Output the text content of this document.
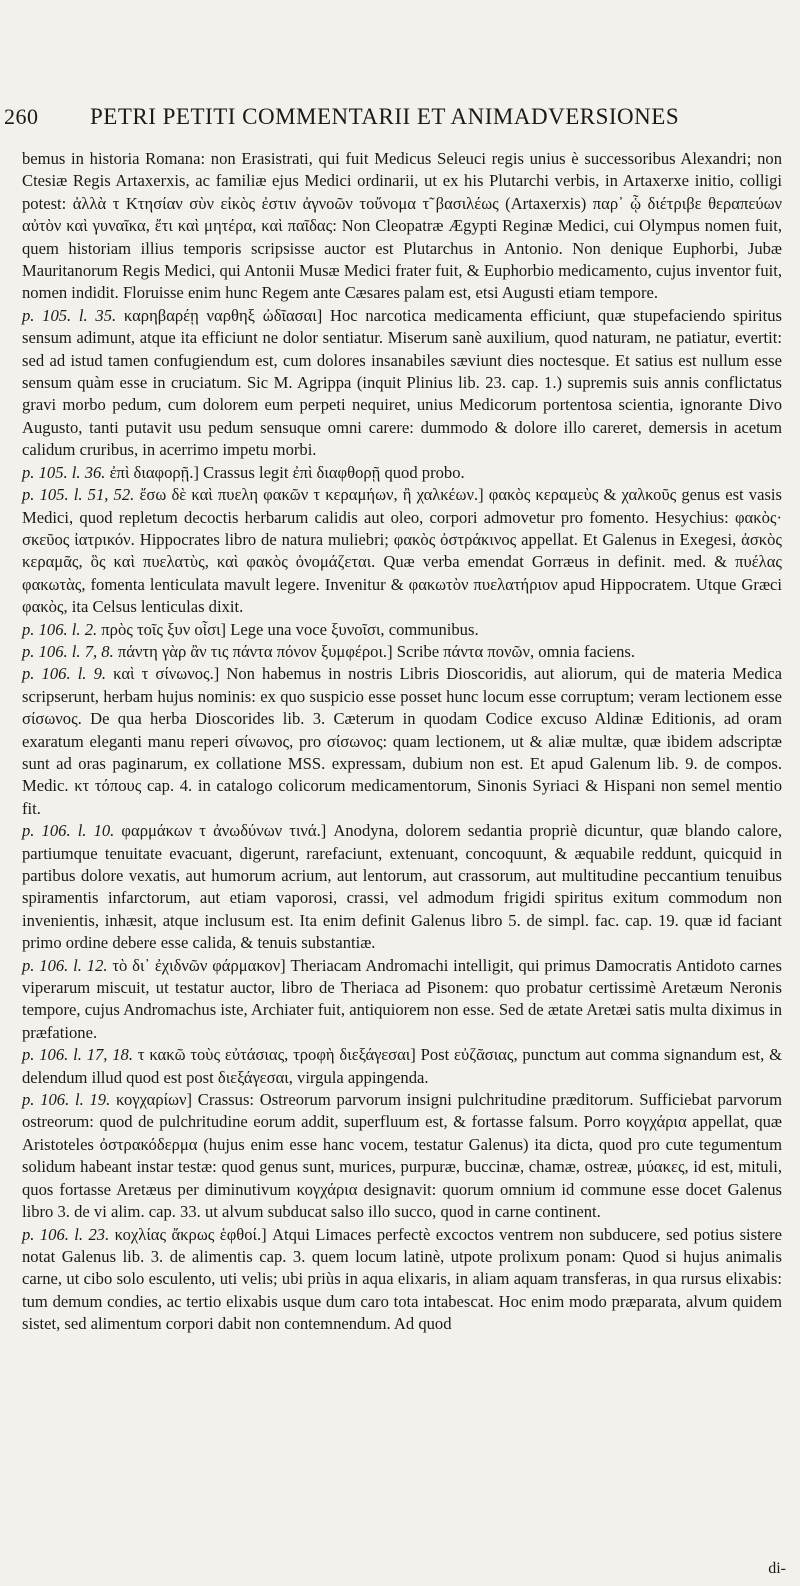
260 PETRI PETITI COMMENTARII ET ANIMADVERSIONES

bemus in historia Romana: non Erasistrati, qui fuit Medicus Seleuci regis unius è successoribus Alexandri; non Ctesiæ Regis Artaxerxis, ac familiæ ejus Medici ordinarii, ut ex his Plutarchi verbis, in Artaxerxe initio, colligi potest: ἀλλὰ τ Κτησίαν σὺν εἰκὸς ἐστιν ἀγνοῶν τοὔνομα τ̃ βασιλέως (Artaxerxis) παρ᾽ ᾧ διέτριβε θεραπεύων αὐτὸν καὶ γυναῖκα, ἔτι καὶ μητέρα, καὶ παῖδας: Non Cleopatræ Ægypti Reginæ Medici, cui Olympus nomen fuit, quem historiam illius temporis scripsisse auctor est Plutarchus in Antonio. Non denique Euphorbi, Jubæ Mauritanorum Regis Medici, qui Antonii Musæ Medici frater fuit, & Euphorbio medicamento, cujus inventor fuit, nomen indidit. Floruisse enim hunc Regem ante Cæsares palam est, etsi Augusti etiam tempore.

p. 105. l. 35. καρηβαρέῃ ναρθηξ ὠδῖασαι] Hoc narcotica medicamenta efficiunt, quæ stupefaciendo spiritus sensum adimunt, atque ita efficiunt ne dolor sentiatur. Miserum sanè auxilium, quod naturam, ne patiatur, evertit: sed ad istud tamen confugiendum est, cum dolores insanabiles sæviunt dies noctesque. Et satius est nullum esse sensum quàm esse in cruciatum. Sic M. Agrippa (inquit Plinius lib. 23. cap. 1.) supremis suis annis conflictatus gravi morbo pedum, cum dolorem eum perpeti nequiret, unius Medicorum portentosa scientia, ignorante Divo Augusto, tanti putavit usu pedum sensuque omni carere: dummodo & dolore illo careret, demersis in acetum calidum cruribus, in acerrimo impetu morbi.

p. 105. l. 36. ἐπὶ διαφορῇ.] Crassus legit ἐπὶ διαφθορῇ quod probo.

p. 105. l. 51, 52. ἔσω δὲ καὶ πυελη φακῶν τ κεραμήων, ἢ χαλκέων.] φακὸς κεραμεὺς & χαλκοῦς genus est vasis Medici, quod repletum decoctis herbarum calidis aut oleo, corpori admovetur pro fomento. Hesychius: φακὸς· σκεῦος ἰατρικόν. Hippocrates libro de natura muliebri; φακὸς ὀστράκινος appellat. Et Galenus in Exegesi, ἀσκὸς κεραμᾶς, ὃς καὶ πυελατὺς, καὶ φακὸς ὀνομάζεται. Quæ verba emendat Gorræus in definit. med. & πυέλας φακωτὰς, fomenta lenticulata mavult legere. Invenitur & φακωτὸν πυελατήριον apud Hippocratem. Utque Græci φακὸς, ita Celsus lenticulas dixit.

p. 106. l. 2. πρὸς τοῖς ξυν οἶσι] Lege una voce ξυνοῖσι, communibus.

p. 106. l. 7, 8. πάντη γὰρ ἂν τις πάντα πόνον ξυμφέροι.] Scribe πάντα πονῶν, omnia faciens.

p. 106. l. 9. καὶ τ σίνωνος.] Non habemus in nostris Libris Dioscoridis, aut aliorum, qui de materia Medica scripserunt, herbam hujus nominis: ex quo suspicio esse posset hunc locum esse corruptum; veram lectionem esse σίσωνος. De qua herba Dioscorides lib. 3. Cæterum in quodam Codice excuso Aldinæ Editionis, ad oram exaratum eleganti manu reperi σίνωνος, pro σίσωνος: quam lectionem, ut & aliæ multæ, quæ ibidem adscriptæ sunt ad oras paginarum, ex collatione MSS. expressam, dubium non est. Et apud Galenum lib. 9. de compos. Medic. κτ τόπους cap. 4. in catalogo colicorum medicamentorum, Sinonis Syriaci & Hispani non semel mentio fit.

p. 106. l. 10. φαρμάκων τ ἀνωδύνων τινά.] Anodyna, dolorem sedantia propriè dicuntur, quæ blando calore, partiumque tenuitate evacuant, digerunt, rarefaciunt, extenuant, concoquunt, & æquabile reddunt, quicquid in partibus dolore vexatis, aut humorum acrium, aut lentorum, aut crassorum, aut multitudine peccantium tenuibus spiramentis infarctorum, aut etiam vaporosi, crassi, vel admodum frigidi spiritus exitum commodum non invenientis, inhæsit, atque inclusum est. Ita enim definit Galenus libro 5. de simpl. fac. cap. 19. quæ id faciant primo ordine debere esse calida, & tenuis substantiæ.

p. 106. l. 12. τὸ δι᾽ ἐχιδνῶν φάρμακον] Theriacam Andromachi intelligit, qui primus Damocratis Antidoto carnes viperarum miscuit, ut testatur auctor, libro de Theriaca ad Pisonem: quo probatur certissimè Aretæum Neronis tempore, cujus Andromachus iste, Archiater fuit, antiquiorem non esse. Sed de ætate Aretæi satis multa diximus in præfatione.

p. 106. l. 17, 18. τ κακῶ τοὺς εὐτάσιας, τροφὴ διεξάγεσαι] Post εὐζᾶσιας, punctum aut comma signandum est, & delendum illud quod est post διεξάγεσαι, virgula appingenda.

p. 106. l. 19. κογχαρίων] Crassus: Ostreorum parvorum insigni pulchritudine præditorum. Sufficiebat parvorum ostreorum: quod de pulchritudine eorum addit, superfluum est, & fortasse falsum. Porro κογχάρια appellat, quæ Aristoteles ὀστρακόδερμα (hujus enim esse hanc vocem, testatur Galenus) ita dicta, quod pro cute tegumentum solidum habeant instar testæ: quod genus sunt, murices, purpuræ, buccinæ, chamæ, ostreæ, μύακες, id est, mituli, quos fortasse Aretæus per diminutivum κογχάρια designavit: quorum omnium id commune esse docet Galenus libro 3. de vi alim. cap. 33. ut alvum subducat salso illo succo, quod in carne continent.

p. 106. l. 23. κοχλίας ἄκρως ἑφθοί.] Atqui Limaces perfectè excoctos ventrem non subducere, sed potius sistere notat Galenus lib. 3. de alimentis cap. 3. quem locum latinè, utpote prolixum ponam: Quod si hujus animalis carne, ut cibo solo esculento, uti velis; ubi priùs in aqua elixaris, in aliam aquam transferas, in qua rursus elixabis: tum demum condies, ac tertio elixabis usque dum caro tota intabescat. Hoc enim modo præparata, alvum quidem sistet, sed alimentum corpori dabit non contemnendum. Ad quod

di-
